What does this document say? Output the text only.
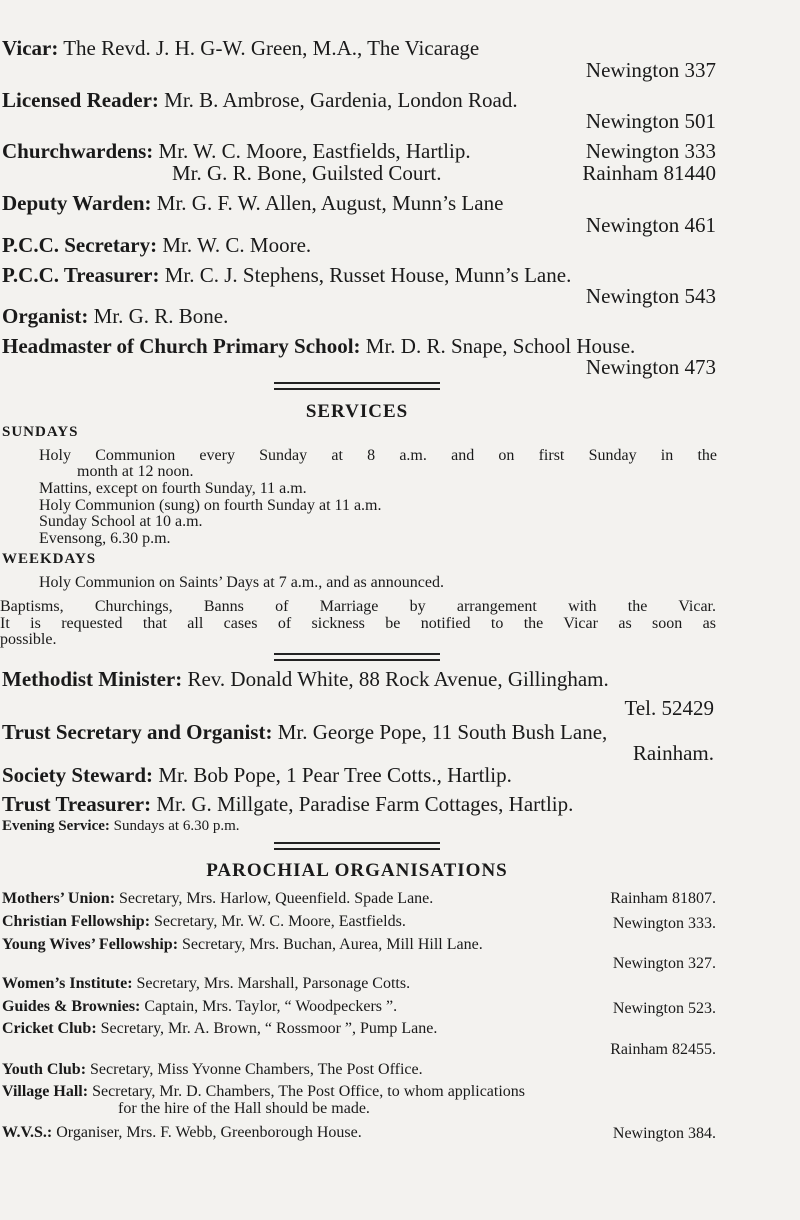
Vicar: The Revd. J. H. G-W. Green, M.A., The Vicarage
Newington 337
Licensed Reader: Mr. B. Ambrose, Gardenia, London Road.
Newington 501
Churchwardens: Mr. W. C. Moore, Eastfields, Hartlip.	Newington 333
Mr. G. R. Bone, Guilsted Court.	Rainham 81440
Deputy Warden: Mr. G. F. W. Allen, August, Munn’s Lane
Newington 461
P.C.C. Secretary: Mr. W. C. Moore.
P.C.C. Treasurer: Mr. C. J. Stephens, Russet House, Munn’s Lane.
Newington 543
Organist: Mr. G. R. Bone.
Headmaster of Church Primary School: Mr. D. R. Snape, School House.
Newington 473
SERVICES
SUNDAYS
Holy Communion every Sunday at 8 a.m. and on first Sunday in the
month at 12 noon.
Mattins, except on fourth Sunday, 11 a.m.
Holy Communion (sung) on fourth Sunday at 11 a.m.
Sunday School at 10 a.m.
Evensong, 6.30 p.m.
WEEKDAYS
Holy Communion on Saints’ Days at 7 a.m., and as announced.
Baptisms, Churchings, Banns of Marriage by arrangement with the Vicar.
It is requested that all cases of sickness be notified to the Vicar as soon as
possible.
Methodist Minister: Rev. Donald White, 88 Rock Avenue, Gillingham.
Tel. 52429
Trust Secretary and Organist: Mr. George Pope, 11 South Bush Lane,
Rainham.
Society Steward: Mr. Bob Pope, 1 Pear Tree Cotts., Hartlip.
Trust Treasurer: Mr. G. Millgate, Paradise Farm Cottages, Hartlip.
Evening Service: Sundays at 6.30 p.m.
PAROCHIAL ORGANISATIONS
Mothers’ Union: Secretary, Mrs. Harlow, Queenfield. Spade Lane.	Rainham 81807.
Christian Fellowship: Secretary, Mr. W. C. Moore, Eastfields.	Newington 333.
Young Wives’ Fellowship: Secretary, Mrs. Buchan, Aurea, Mill Hill Lane.
Newington 327.
Women’s Institute: Secretary, Mrs. Marshall, Parsonage Cotts.
Guides & Brownies: Captain, Mrs. Taylor, “ Woodpeckers ”.	Newington 523.
Cricket Club: Secretary, Mr. A. Brown, “ Rossmoor ”, Pump Lane.
Rainham 82455.
Youth Club: Secretary, Miss Yvonne Chambers, The Post Office.
Village Hall: Secretary, Mr. D. Chambers, The Post Office, to whom applications
for the hire of the Hall should be made.
W.V.S.: Organiser, Mrs. F. Webb, Greenborough House.	Newington 384.
